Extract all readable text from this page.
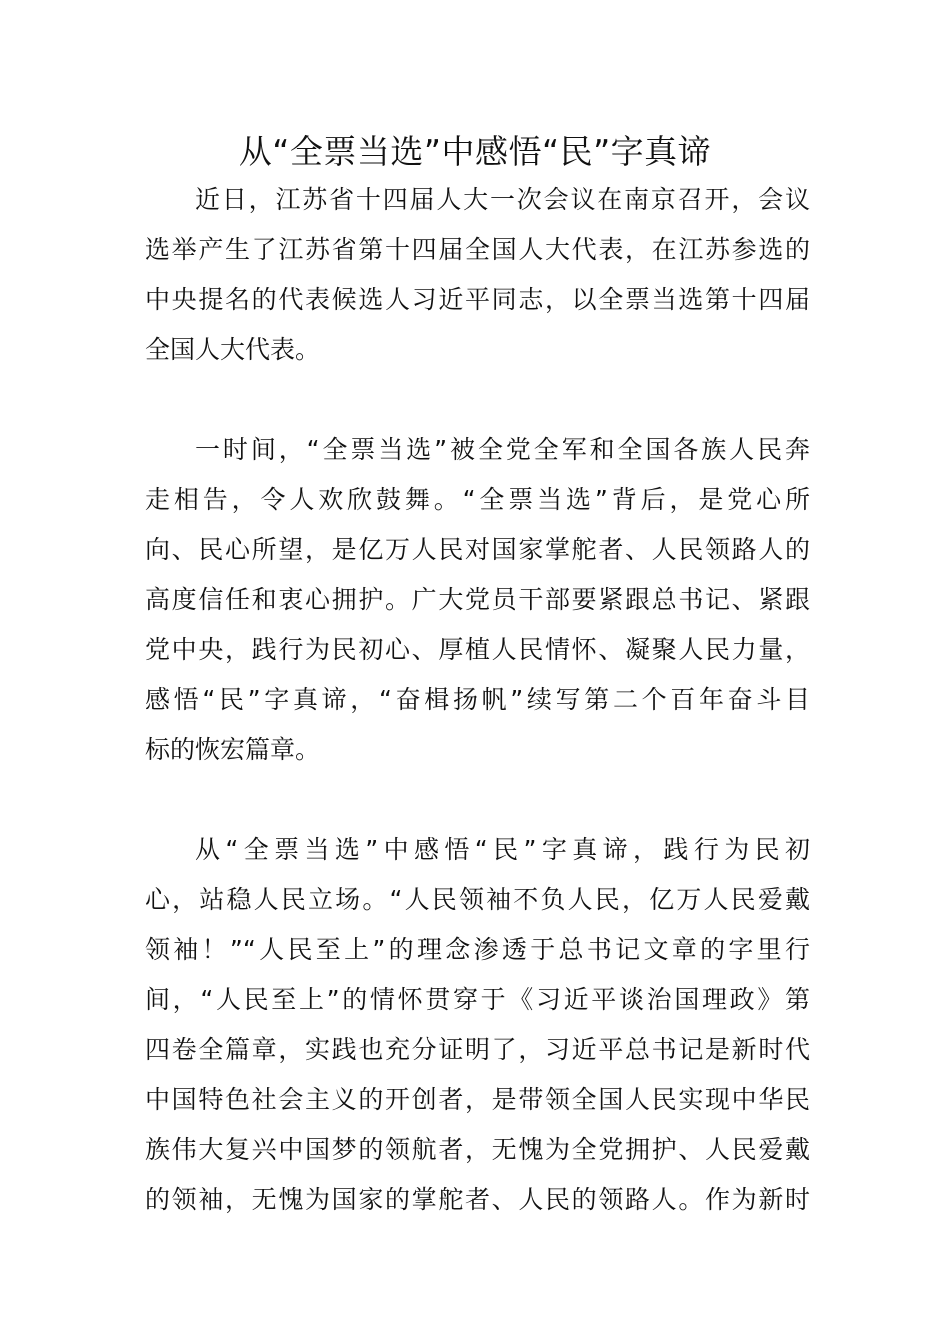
从“全票当选”中感悟“民”字真谛
近日，江苏省十四届人大一次会议在南京召开，会议
选举产生了江苏省第十四届全国人大代表，在江苏参选的
中央提名的代表候选人习近平同志，以全票当选第十四届
全国人大代表。
一时间，“全票当选”被全党全军和全国各族人民奔
走相告，令人欢欣鼓舞。“全票当选”背后，是党心所
向、民心所望，是亿万人民对国家掌舵者、人民领路人的
高度信任和衷心拥护。广大党员干部要紧跟总书记、紧跟
党中央，践行为民初心、厚植人民情怀、凝聚人民力量，
感悟“民”字真谛，“奋楫扬帆”续写第二个百年奋斗目
标的恢宏篇章。
从“全票当选”中感悟“民”字真谛，践行为民初
心，站稳人民立场。“人民领袖不负人民，亿万人民爱戴
领袖！”“人民至上”的理念渗透于总书记文章的字里行
间，“人民至上”的情怀贯穿于《习近平谈治国理政》第
四卷全篇章，实践也充分证明了，习近平总书记是新时代
中国特色社会主义的开创者，是带领全国人民实现中华民
族伟大复兴中国梦的领航者，无愧为全党拥护、人民爱戴
的领袖，无愧为国家的掌舵者、人民的领路人。作为新时
